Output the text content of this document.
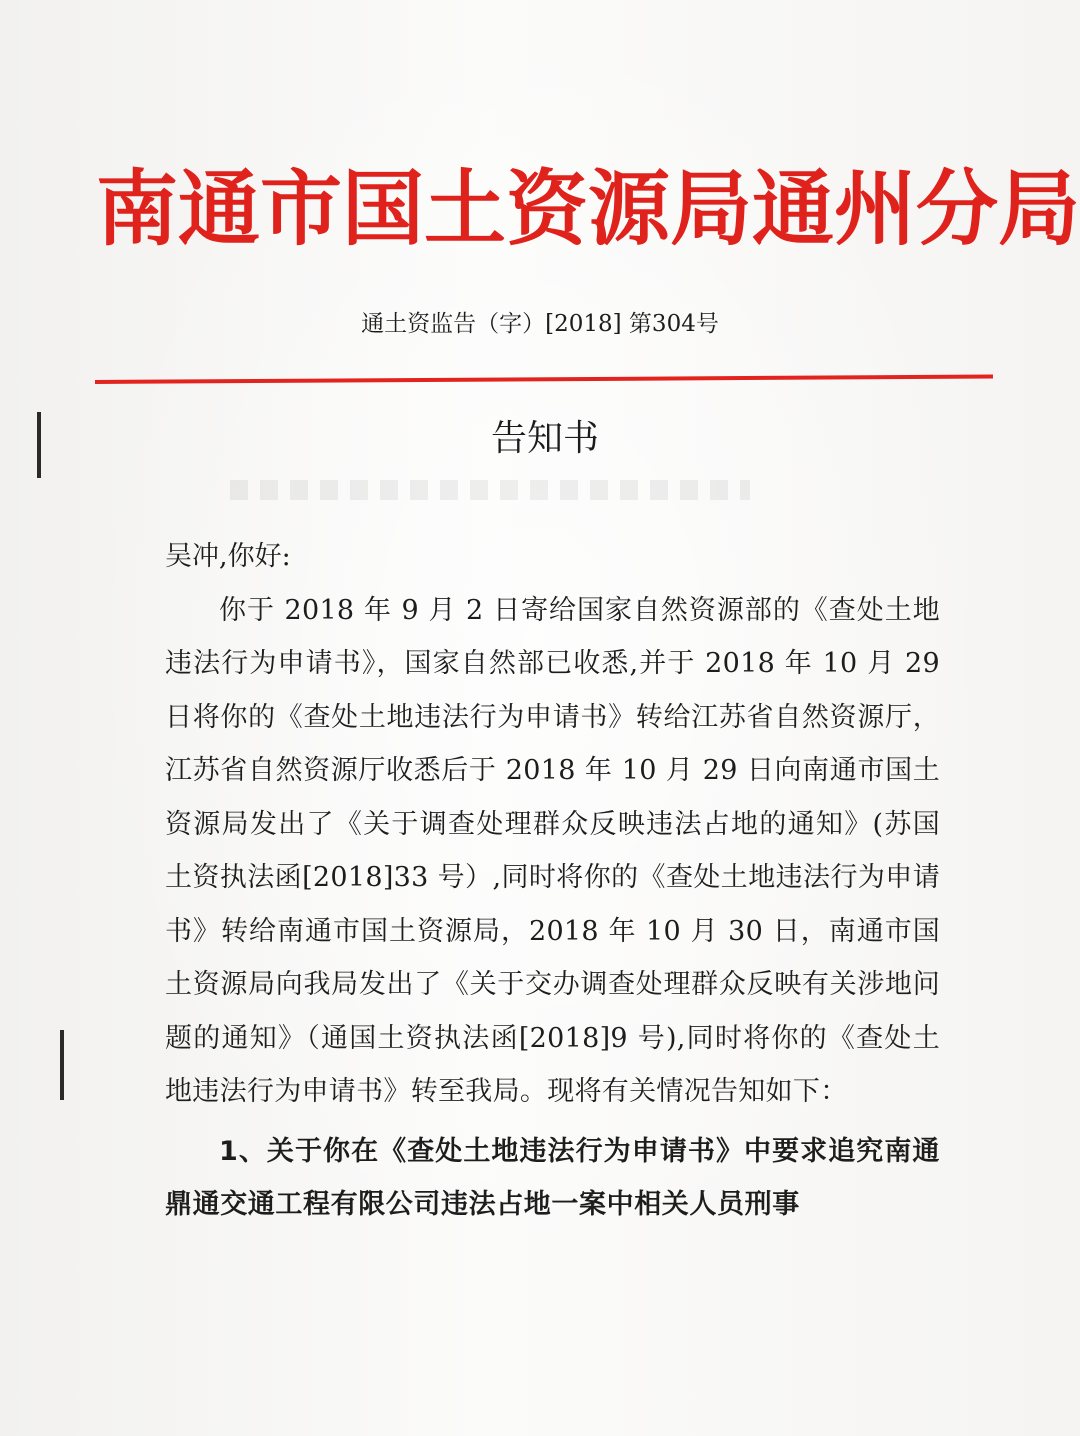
南通市国土资源局通州分局
通土资监告（字）[2018] 第304号
告知书

吴冲,你好:

你于 2018 年 9 月 2 日寄给国家自然资源部的《查处土地违法行为申请书》，国家自然部已收悉,并于 2018 年 10 月 29 日将你的《查处土地违法行为申请书》转给江苏省自然资源厅，江苏省自然资源厅收悉后于 2018 年 10 月 29 日向南通市国土资源局发出了《关于调查处理群众反映违法占地的通知》(苏国土资执法函[2018]33 号）,同时将你的《查处土地违法行为申请书》转给南通市国土资源局，2018 年 10 月 30 日，南通市国土资源局向我局发出了《关于交办调查处理群众反映有关涉地问题的通知》（通国土资执法函[2018]9 号),同时将你的《查处土地违法行为申请书》转至我局。现将有关情况告知如下：

1、关于你在《查处土地违法行为申请书》中要求追究南通鼎通交通工程有限公司违法占地一案中相关人员刑事
